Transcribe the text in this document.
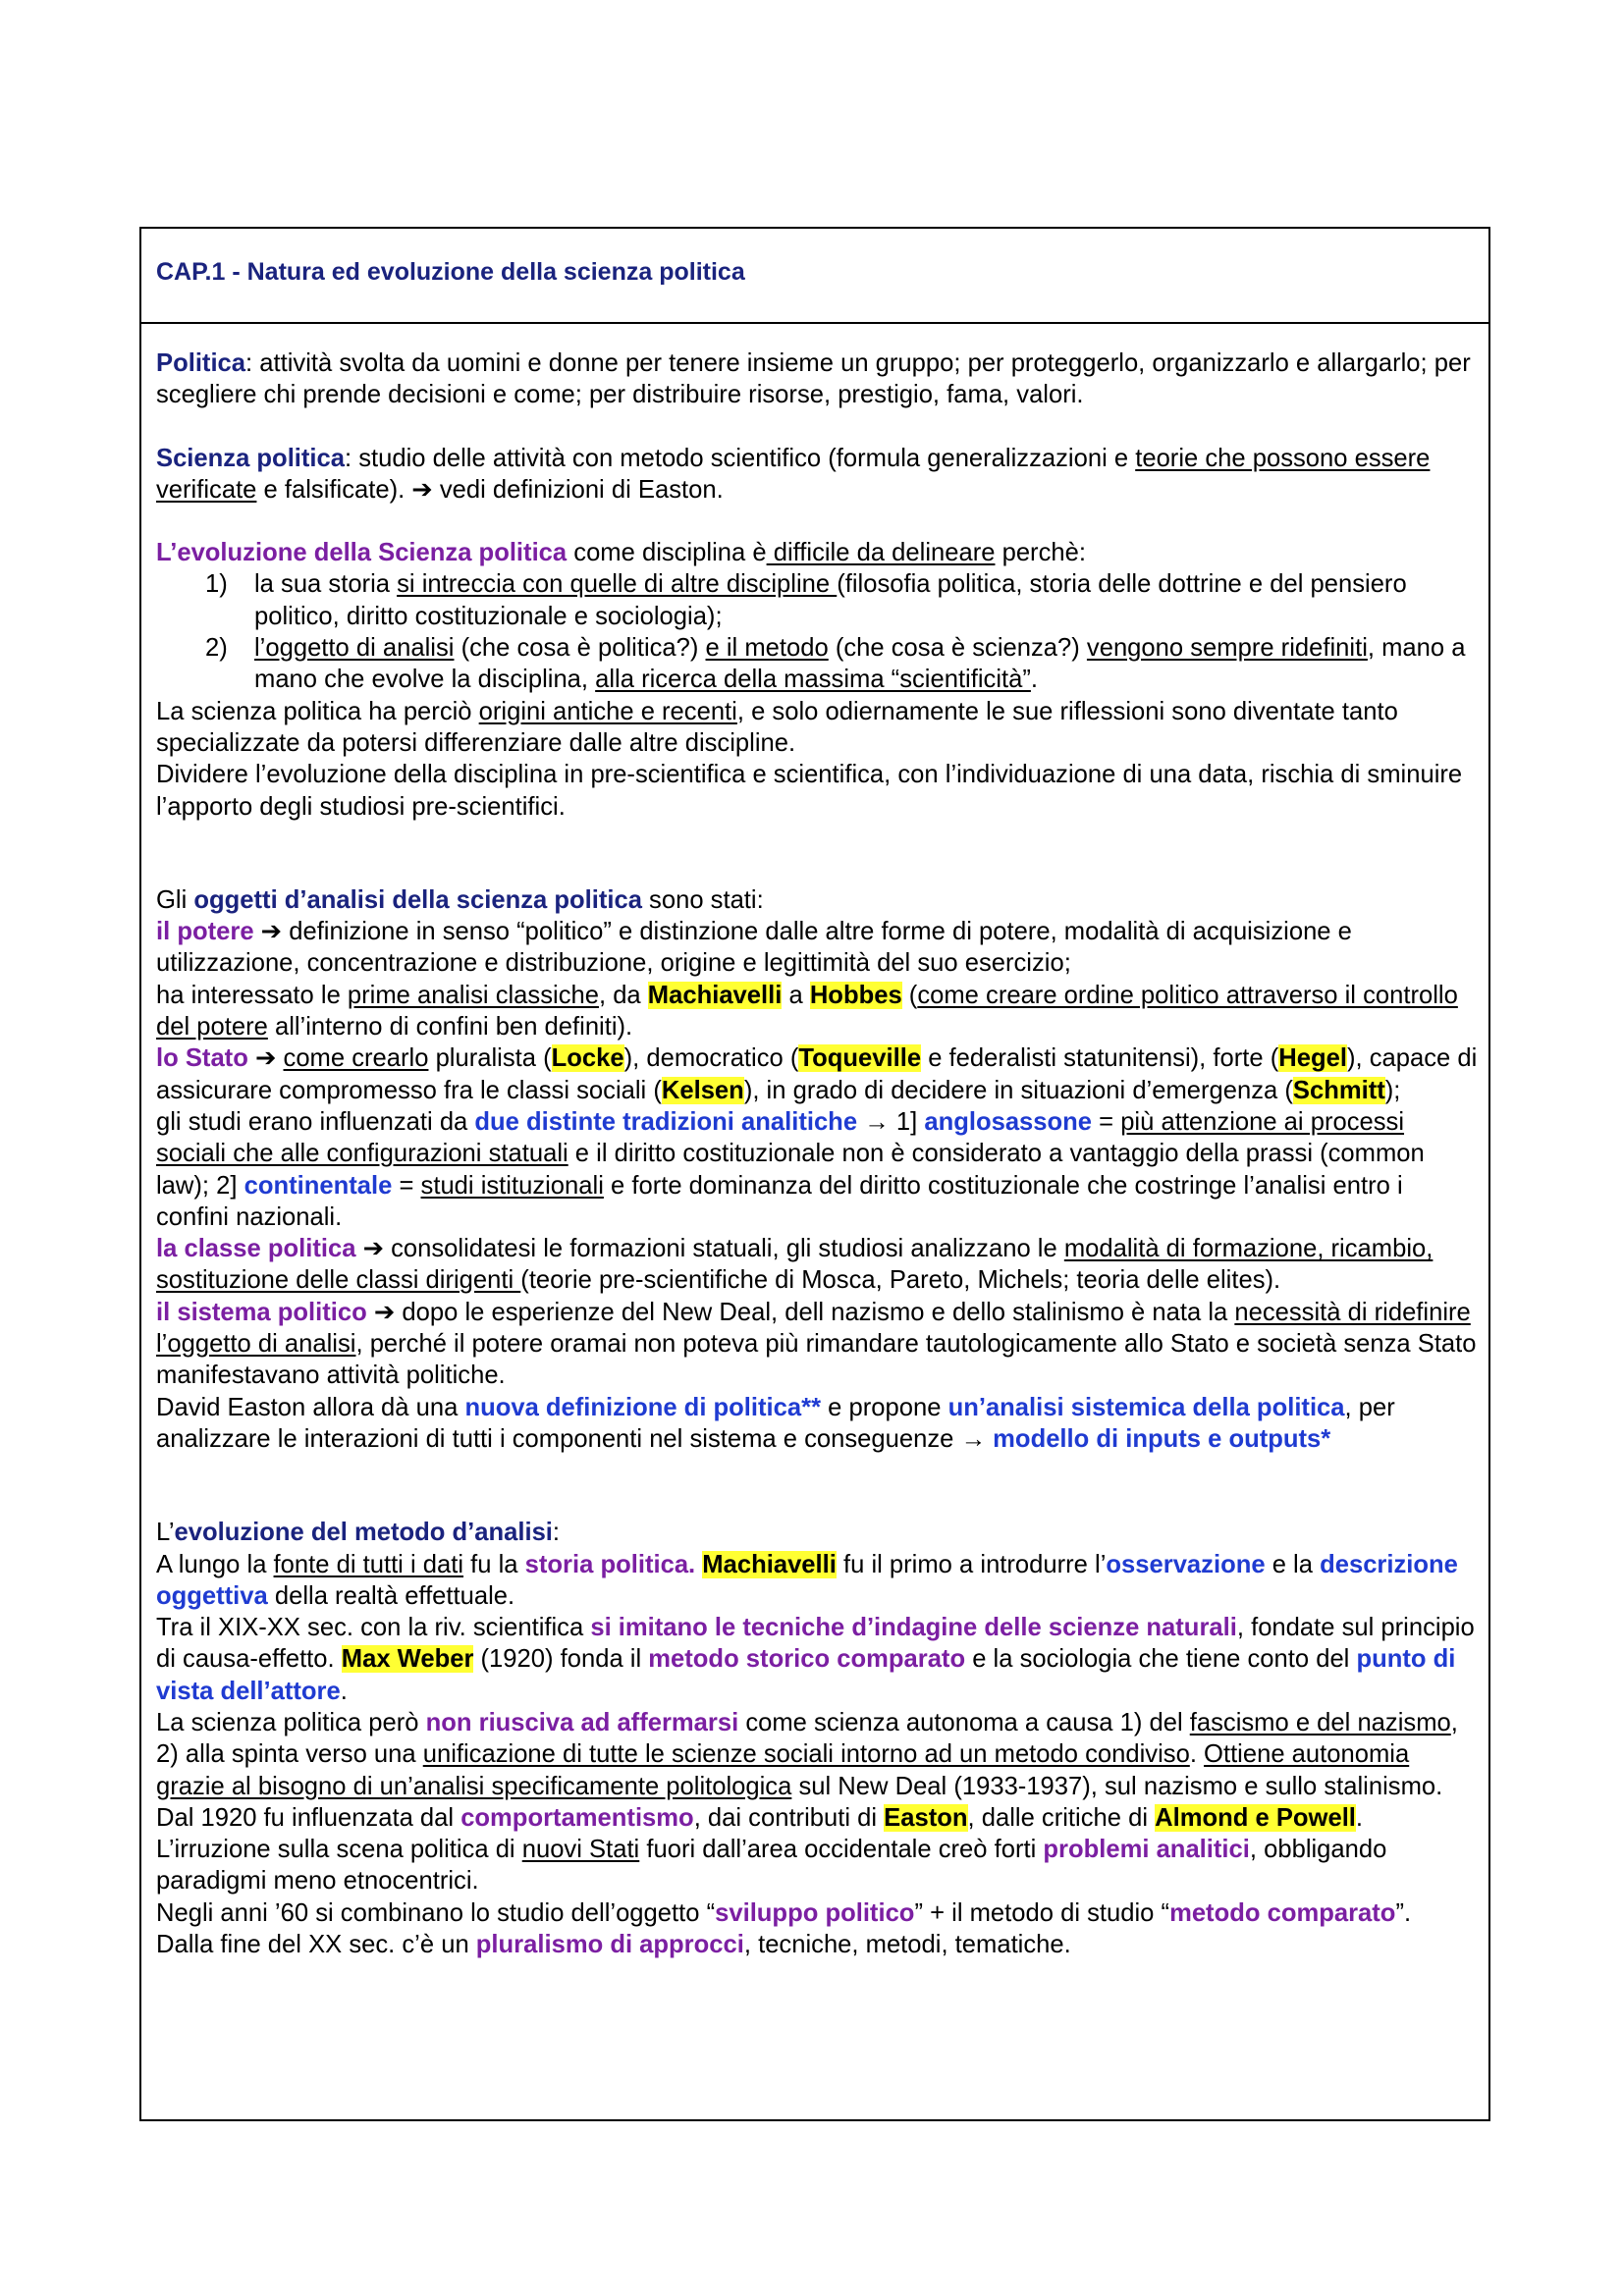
CAP.1 - Natura ed evoluzione della scienza politica

Politica: attività svolta da uomini e donne per tenere insieme un gruppo; per proteggerlo, organizzarlo e allargarlo; per scegliere chi prende decisioni e come; per distribuire risorse, prestigio, fama, valori.

Scienza politica: studio delle attività con metodo scientifico (formula generalizzazioni e teorie che possono essere verificate e falsificate). ➔ vedi definizioni di Easton.

L’evoluzione della Scienza politica come disciplina è difficile da delineare perchè:

1) la sua storia si intreccia con quelle di altre discipline (filosofia politica, storia delle dottrine e del pensiero politico, diritto costituzionale e sociologia);
2) l’oggetto di analisi (che cosa è politica?) e il metodo (che cosa è scienza?) vengono sempre ridefiniti, mano a mano che evolve la disciplina, alla ricerca della massima “scientificità”.

La scienza politica ha perciò origini antiche e recenti, e solo odiernamente le sue riflessioni sono diventate tanto specializzate da potersi differenziare dalle altre discipline.

Dividere l’evoluzione della disciplina in pre-scientifica e scientifica, con l’individuazione di una data, rischia di sminuire l’apporto degli studiosi pre-scientifici.

Gli oggetti d’analisi della scienza politica sono stati:

il potere ➔ definizione in senso “politico” e distinzione dalle altre forme di potere, modalità di acquisizione e utilizzazione, concentrazione e distribuzione, origine e legittimità del suo esercizio;

ha interessato le prime analisi classiche, da Machiavelli a Hobbes (come creare ordine politico attraverso il controllo del potere all’interno di confini ben definiti).

lo Stato ➔ come crearlo pluralista (Locke), democratico (Toqueville e federalisti statunitensi), forte (Hegel), capace di assicurare compromesso fra le classi sociali (Kelsen), in grado di decidere in situazioni d’emergenza (Schmitt);

gli studi erano influenzati da due distinte tradizioni analitiche → 1] anglosassone = più attenzione ai processi sociali che alle configurazioni statuali e il diritto costituzionale non è considerato a vantaggio della prassi (common law); 2] continentale = studi istituzionali e forte dominanza del diritto costituzionale che costringe l’analisi entro i confini nazionali.

la classe politica ➔ consolidatesi le formazioni statuali, gli studiosi analizzano le modalità di formazione, ricambio, sostituzione delle classi dirigenti (teorie pre-scientifiche di Mosca, Pareto, Michels; teoria delle elites).

il sistema politico ➔ dopo le esperienze del New Deal, dell nazismo e dello stalinismo è nata la necessità di ridefinire l’oggetto di analisi, perché il potere oramai non poteva più rimandare tautologicamente allo Stato e società senza Stato manifestavano attività politiche.

David Easton allora dà una nuova definizione di politica** e propone un’analisi sistemica della politica, per analizzare le interazioni di tutti i componenti nel sistema e conseguenze → modello di inputs e outputs*

L’evoluzione del metodo d’analisi:

A lungo la fonte di tutti i dati fu la storia politica. Machiavelli fu il primo a introdurre l’osservazione e la descrizione oggettiva della realtà effettuale.

Tra il XIX-XX sec. con la riv. scientifica si imitano le tecniche d’indagine delle scienze naturali, fondate sul principio di causa-effetto. Max Weber (1920) fonda il metodo storico comparato e la sociologia che tiene conto del punto di vista dell’attore.

La scienza politica però non riusciva ad affermarsi come scienza autonoma a causa 1) del fascismo e del nazismo, 2) alla spinta verso una unificazione di tutte le scienze sociali intorno ad un metodo condiviso. Ottiene autonomia grazie al bisogno di un’analisi specificamente politologica sul New Deal (1933-1937), sul nazismo e sullo stalinismo.

Dal 1920 fu influenzata dal comportamentismo, dai contributi di Easton, dalle critiche di Almond e Powell.

L’irruzione sulla scena politica di nuovi Stati fuori dall’area occidentale creò forti problemi analitici, obbligando paradigmi meno etnocentrici.

Negli anni ’60 si combinano lo studio dell’oggetto “sviluppo politico” + il metodo di studio “metodo comparato”.

Dalla fine del XX sec. c’è un pluralismo di approcci, tecniche, metodi, tematiche.
